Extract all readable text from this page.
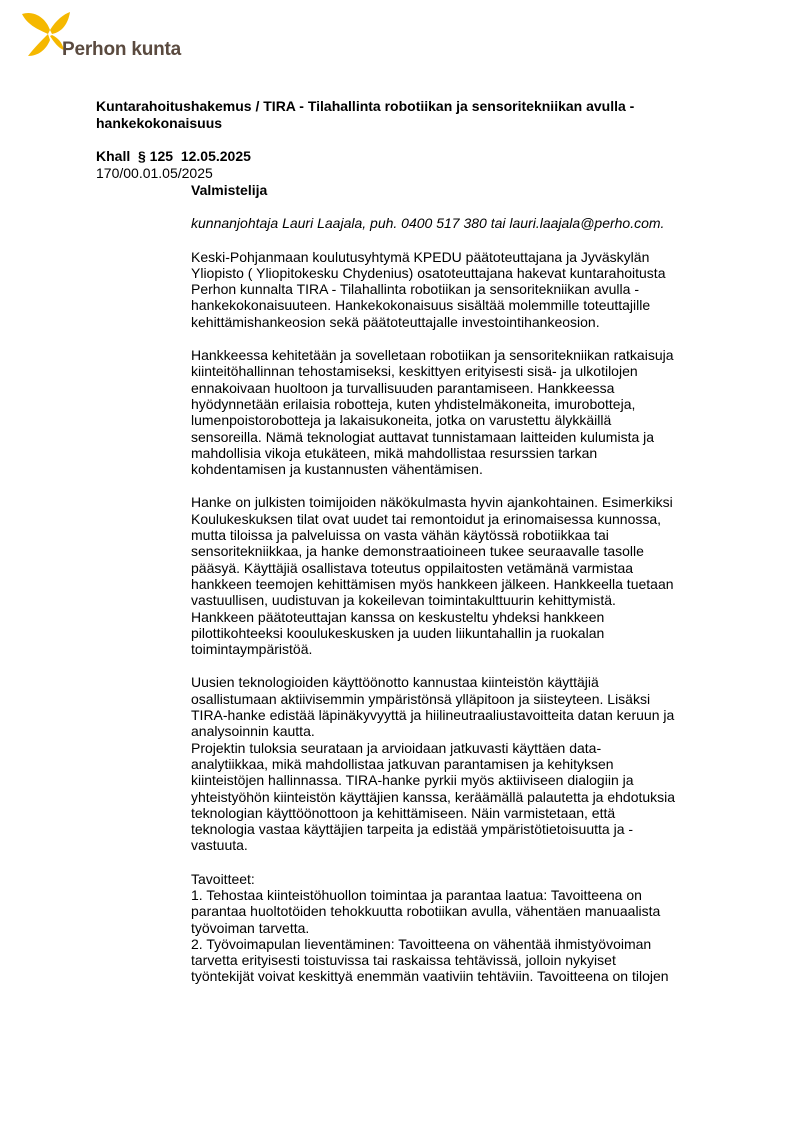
Perhon kunta
Kuntarahoitushakemus / TIRA - Tilahallinta robotiikan ja sensoritekniikan avulla -
hankekokonaisuus
Khall  § 125  12.05.2025
170/00.01.05/2025

Valmistelija

kunnanjohtaja Lauri Laajala, puh. 0400 517 380 tai lauri.laajala@perho.com.

Keski-Pohjanmaan koulutusyhtymä KPEDU päätoteuttajana ja Jyväskylän
Yliopisto ( Yliopitokesku Chydenius) osatoteuttajana hakevat kuntarahoitusta
Perhon kunnalta TIRA - Tilahallinta robotiikan ja sensoritekniikan avulla -
hankekokonaisuuteen. Hankekokonaisuus sisältää molemmille toteuttajille
kehittämishankeosion sekä päätoteuttajalle investointihankeosion.

Hankkeessa kehitetään ja sovelletaan robotiikan ja sensoritekniikan ratkaisuja
kiinteitöhallinnan tehostamiseksi, keskittyen erityisesti sisä- ja ulkotilojen
ennakoivaan huoltoon ja turvallisuuden parantamiseen. Hankkeessa
hyödynnetään erilaisia robotteja, kuten yhdistelmäkoneita, imurobotteja,
lumenpoistorobotteja ja lakaisukoneita, jotka on varustettu älykkäillä
sensoreilla. Nämä teknologiat auttavat tunnistamaan laitteiden kulumista ja
mahdollisia vikoja etukäteen, mikä mahdollistaa resurssien tarkan
kohdentamisen ja kustannusten vähentämisen.

Hanke on julkisten toimijoiden näkökulmasta hyvin ajankohtainen. Esimerkiksi
Koulukeskuksen tilat ovat uudet tai remontoidut ja erinomaisessa kunnossa,
mutta tiloissa ja palveluissa on vasta vähän käytössä robotiikkaa tai
sensoritekniikkaa, ja hanke demonstraatioineen tukee seuraavalle tasolle
pääsyä. Käyttäjiä osallistava toteutus oppilaitosten vetämänä varmistaa
hankkeen teemojen kehittämisen myös hankkeen jälkeen. Hankkeella tuetaan
vastuullisen, uudistuvan ja kokeilevan toimintakulttuurin kehittymistä.
Hankkeen päätoteuttajan kanssa on keskusteltu yhdeksi hankkeen
pilottikohteeksi kooulukeskusken ja uuden liikuntahallin ja ruokalan
toimintaympäristöä.

Uusien teknologioiden käyttöönotto kannustaa kiinteistön käyttäjiä
osallistumaan aktiivisemmin ympäristönsä ylläpitoon ja siisteyteen. Lisäksi
TIRA-hanke edistää läpinäkyvyyttä ja hiilineutraaliustavoitteita datan keruun ja
analysoinnin kautta.

Projektin tuloksia seurataan ja arvioidaan jatkuvasti käyttäen data-
analytiikkaa, mikä mahdollistaa jatkuvan parantamisen ja kehityksen
kiinteistöjen hallinnassa. TIRA-hanke pyrkii myös aktiiviseen dialogiin ja
yhteistyöhön kiinteistön käyttäjien kanssa, keräämällä palautetta ja ehdotuksia
teknologian käyttöönottoon ja kehittämiseen. Näin varmistetaan, että
teknologia vastaa käyttäjien tarpeita ja edistää ympäristötietoisuutta ja -
vastuuta.

Tavoitteet:
1. Tehostaa kiinteistöhuollon toimintaa ja parantaa laatua: Tavoitteena on
parantaa huoltotöiden tehokkuutta robotiikan avulla, vähentäen manuaalista
työvoiman tarvetta.
2. Työvoimapulan lieventäminen: Tavoitteena on vähentää ihmistyövoiman
tarvetta erityisesti toistuvissa tai raskaissa tehtävissä, jolloin nykyiset
työntekijät voivat keskittyä enemmän vaativiin tehtäviin. Tavoitteena on tilojen
